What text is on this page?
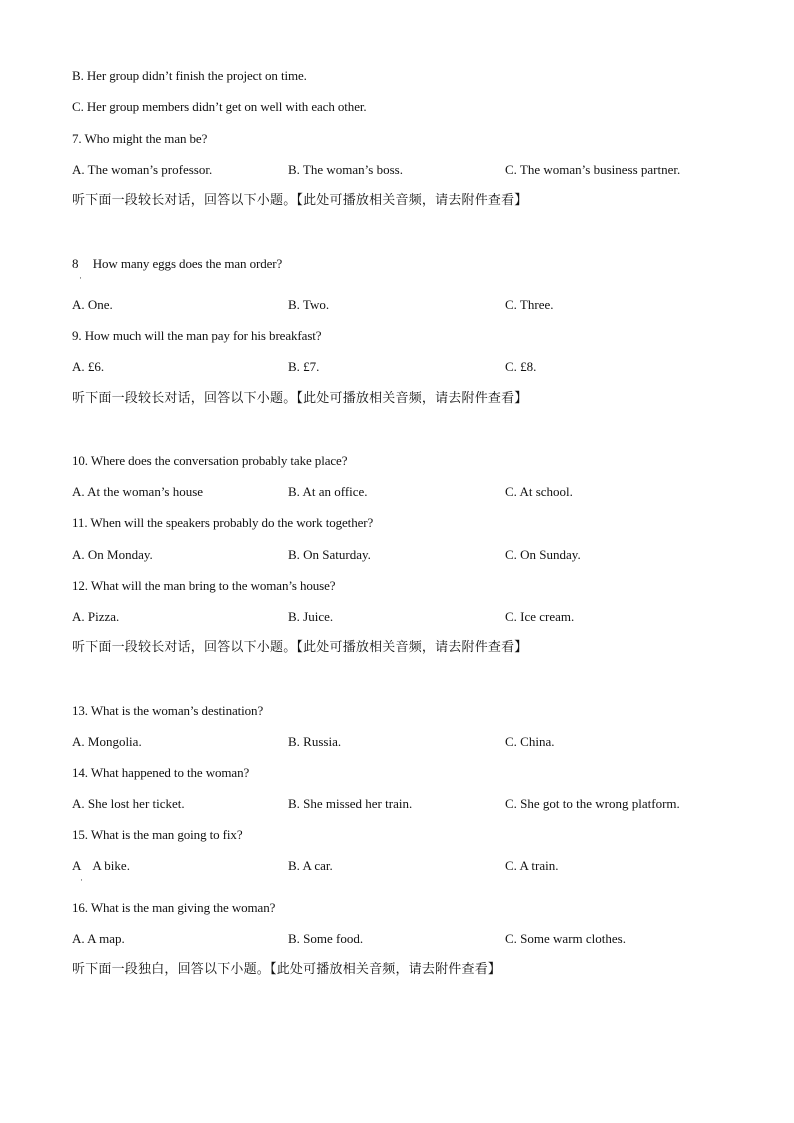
B. Her group didn’t finish the project on time.
C. Her group members didn’t get on well with each other.
7. Who might the man be?
A. The woman’s professor.	B. The woman’s boss.	C. The woman’s business partner.
听下面一段较长对话，回答以下小题。【此处可播放相关音频，请去附件查看】
8 How many eggs does the man order?
·
A. One.	B. Two.	C. Three.
9. How much will the man pay for his breakfast?
A. £6.	B. £7.	C. £8.
听下面一段较长对话，回答以下小题。【此处可播放相关音频，请去附件查看】
10. Where does the conversation probably take place?
A. At the woman’s house	B. At an office.	C. At school.
11. When will the speakers probably do the work together?
A. On Monday.	B. On Saturday.	C. On Sunday.
12. What will the man bring to the woman’s house?
A. Pizza.	B. Juice.	C. Ice cream.
听下面一段较长对话，回答以下小题。【此处可播放相关音频，请去附件查看】
13. What is the woman’s destination?
A. Mongolia.	B. Russia.	C. China.
14. What happened to the woman?
A. She lost her ticket.	B. She missed her train.	C. She got to the wrong platform.
15. What is the man going to fix?
A A bike.	B. A car.	C. A train.
·
16. What is the man giving the woman?
A. A map.	B. Some food.	C. Some warm clothes.
听下面一段独白，回答以下小题。【此处可播放相关音频，请去附件查看】
